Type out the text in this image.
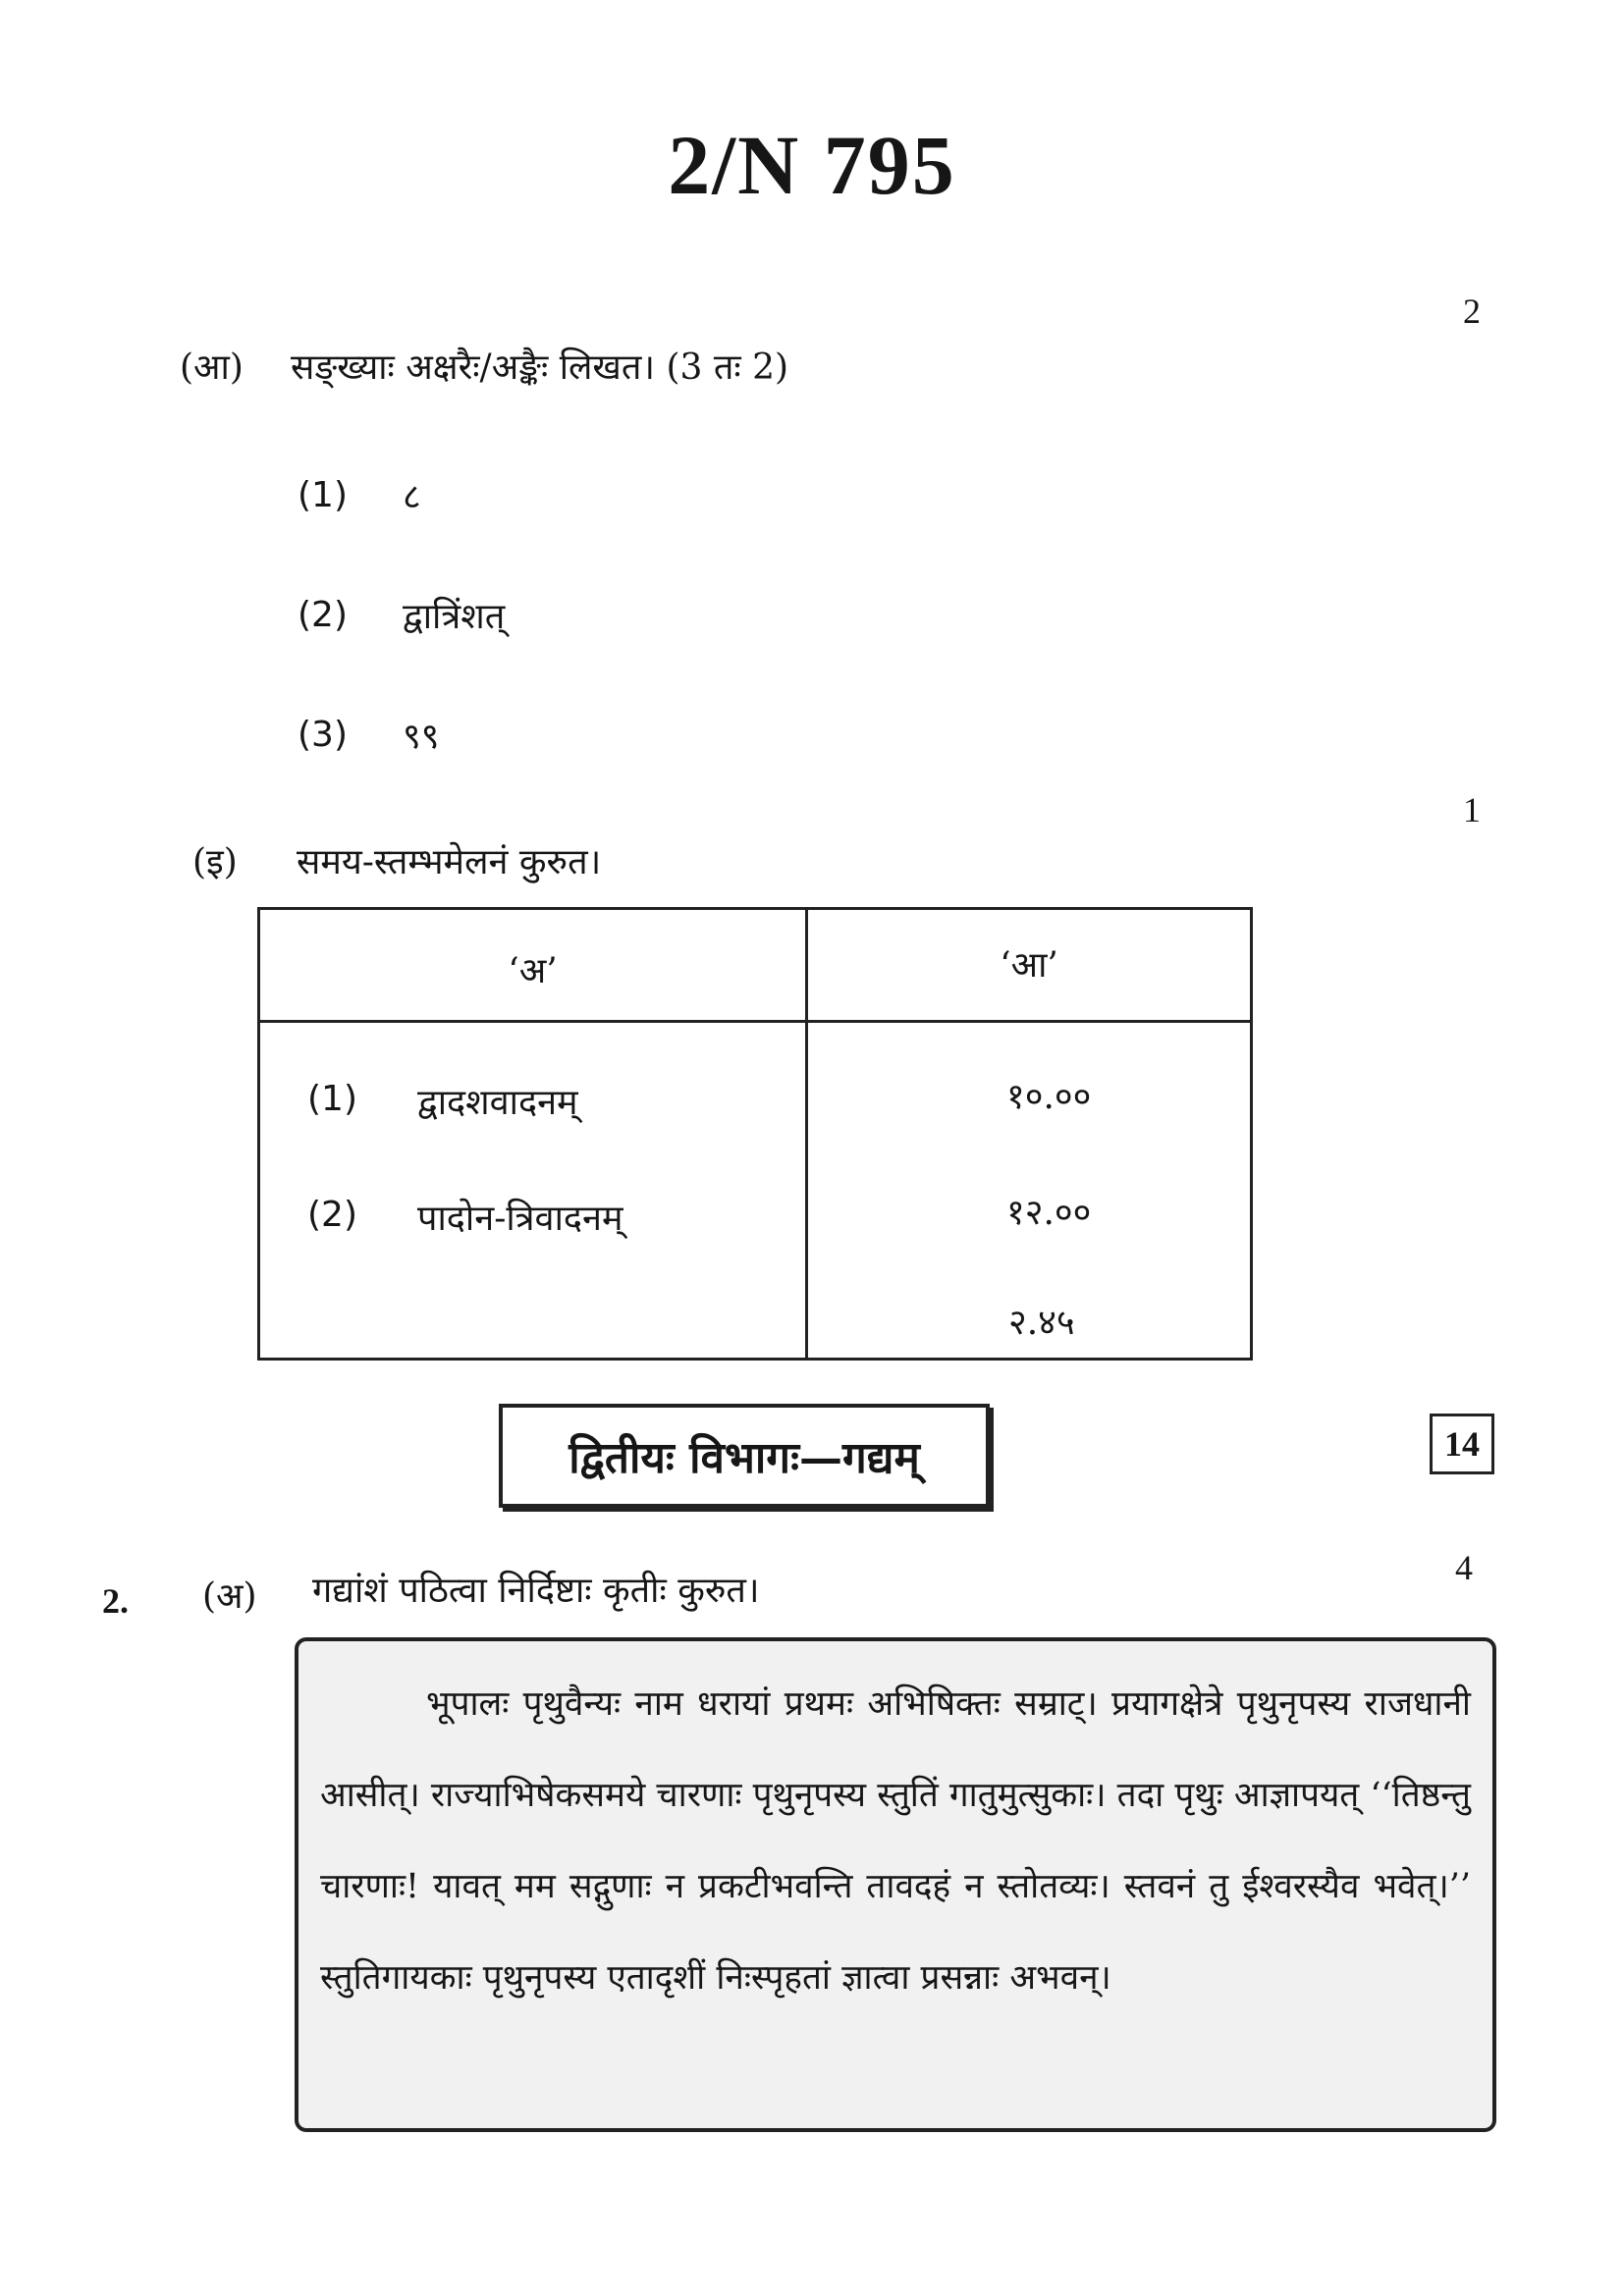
2/N 795
2
(आ) सङ्ख्याः अक्षरैः/अङ्कैः लिखत। (3 तः 2)
(1) ८
(2) द्वात्रिंशत्
(3) ९९
1
(इ) समय-स्तम्भमेलनं कुरुत।
‘अ’	‘आ’
(1) द्वादशवादनम्
(2) पादोन-त्रिवादनम्
१०.००
१२.००
२.४५
द्वितीयः विभागः—गद्यम्	14
4
2. (अ) गद्यांशं पठित्वा निर्दिष्टाः कृतीः कुरुत।

भूपालः पृथुवैन्यः नाम धरायां प्रथमः अभिषिक्तः सम्राट्। प्रयागक्षेत्रे पृथुनृपस्य राजधानी आसीत्। राज्याभिषेकसमये चारणाः पृथुनृपस्य स्तुतिं गातुमुत्सुकाः। तदा पृथुः आज्ञापयत् ‘‘तिष्ठन्तु चारणाः! यावत् मम सद्गुणाः न प्रकटीभवन्ति तावदहं न स्तोतव्यः। स्तवनं तु ईश्वरस्यैव भवेत्।’’ स्तुतिगायकाः पृथुनृपस्य एतादृशीं निःस्पृहतां ज्ञात्वा प्रसन्नाः अभवन्।
